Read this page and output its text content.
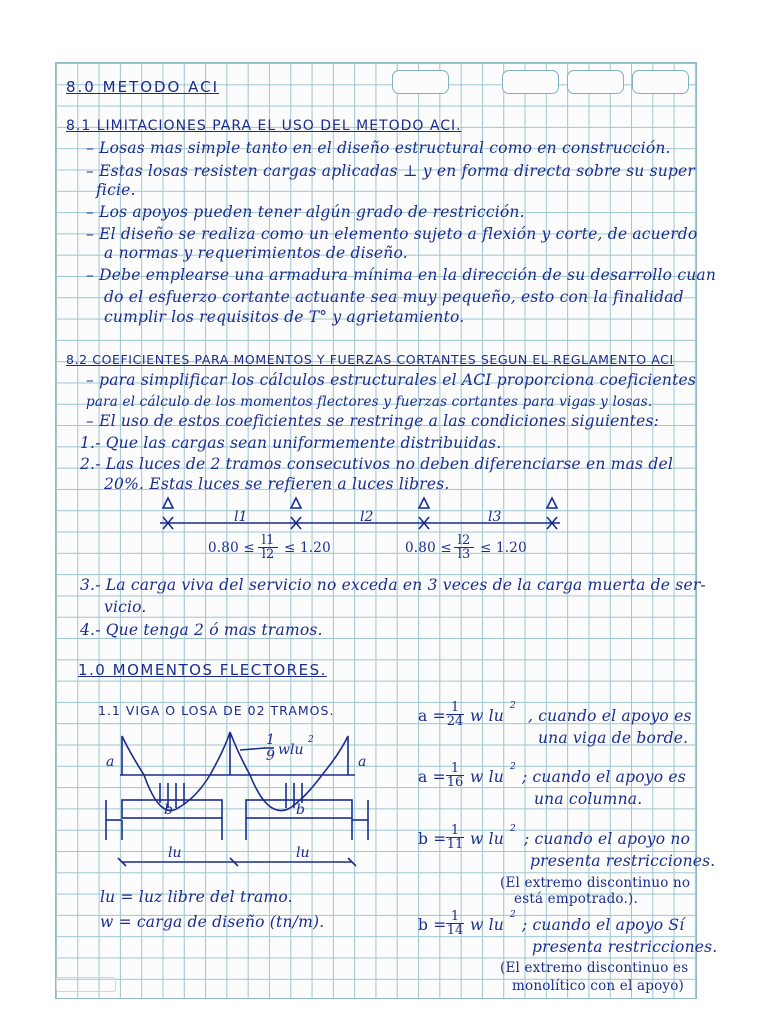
8.0 METODO ACI
8.1 LIMITACIONES PARA EL USO DEL METODO ACI.
– Losas mas simple tanto en el diseño estructural como en construcción.
– Estas losas resisten cargas aplicadas ⊥ y en forma directa sobre su super
ficie.
– Los apoyos pueden tener algún grado de restricción.
– El diseño se realiza como un elemento sujeto a flexión y corte, de acuerdo
a normas y requerimientos de diseño.
– Debe emplearse una armadura mínima en la dirección de su desarrollo cuan
do el esfuerzo cortante actuante sea muy pequeño, esto con la finalidad
cumplir los requisitos de T° y agrietamiento.
8.2 COEFICIENTES PARA MOMENTOS Y FUERZAS CORTANTES SEGUN EL REGLAMENTO ACI
– para simplificar los cálculos estructurales el ACI proporciona coeficientes
para el cálculo de los momentos flectores y fuerzas cortantes para vigas y losas.
– El uso de estos coeficientes se restringe a las condiciones siguientes:
1.- Que las cargas sean uniformemente distribuidas.
2.- Las luces de 2 tramos consecutivos no deben diferenciarse en mas del
20%. Estas luces se refieren a luces libres.
l1	l2	l3
$0.80 \le \frac{l1}{l2} \le 1.20$	$0.80 \le \frac{l2}{l3} \le 1.20$
3.- La carga viva del servicio no exceda en 3 veces de la carga muerta de ser-
vicio.
4.- Que tenga 2 ó mas tramos.
1.0 MOMENTOS FLECTORES.
1.1 VIGA O LOSA DE 02 TRAMOS.
a	a
b	b
lu	lu
1
9 wlu
2
lu = luz libre del tramo.
w = carga de diseño (tn/m).
$a = \frac{1}{24}$ w lu
2
, cuando el apoyo es
una viga de borde.
$a = \frac{1}{16}$ w lu
2
; cuando el apoyo es
una columna.
$b = \frac{1}{11}$ w lu
2
; cuando el apoyo no
presenta restricciones.
(El extremo discontinuo no
está empotrado.).
$b = \frac{1}{14}$ w lu
2
; cuando el apoyo Sí
presenta restricciones.
(El extremo discontinuo es
monolítico con el apoyo)
